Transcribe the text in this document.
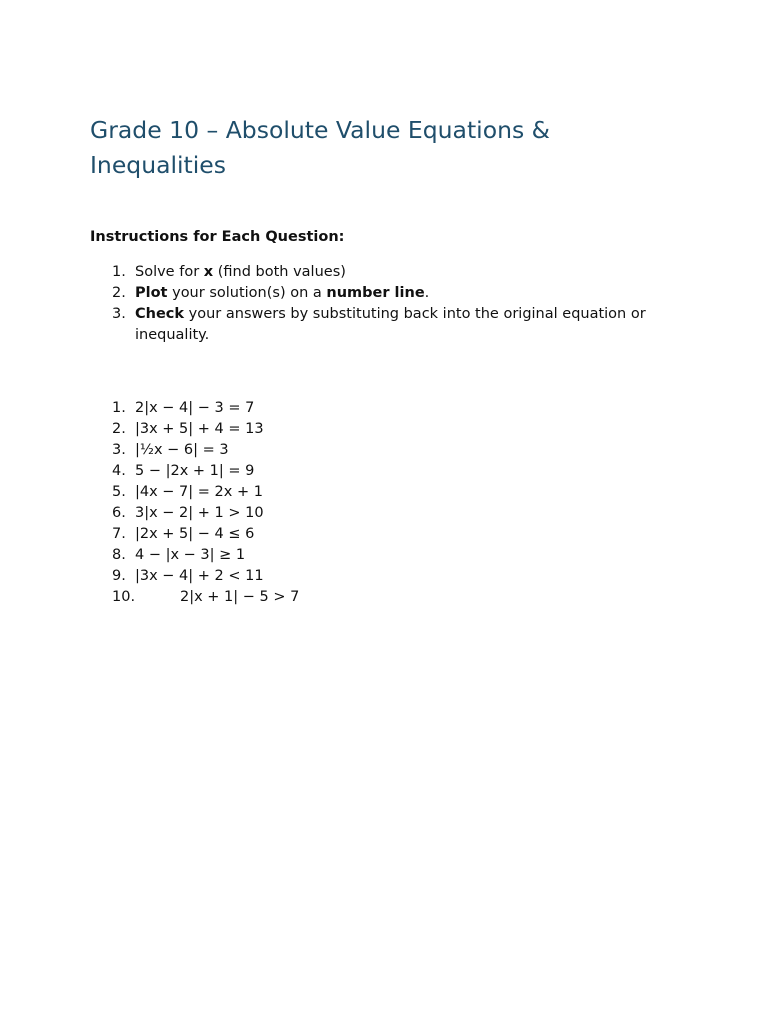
Grade 10 – Absolute Value Equations & Inequalities

Instructions for Each Question:

1. Solve for x (find both values)
2. Plot your solution(s) on a number line.
3. Check your answers by substituting back into the original equation or inequality.
1. 2|x − 4| − 3 = 7
2. |3x + 5| + 4 = 13
3. |½x − 6| = 3
4. 5 − |2x + 1| = 9
5. |4x − 7| = 2x + 1
6. 3|x − 2| + 1 > 10
7. |2x + 5| − 4 ≤ 6
8. 4 − |x − 3| ≥ 1
9. |3x − 4| + 2 < 11
10.	2|x + 1| − 5 > 7
